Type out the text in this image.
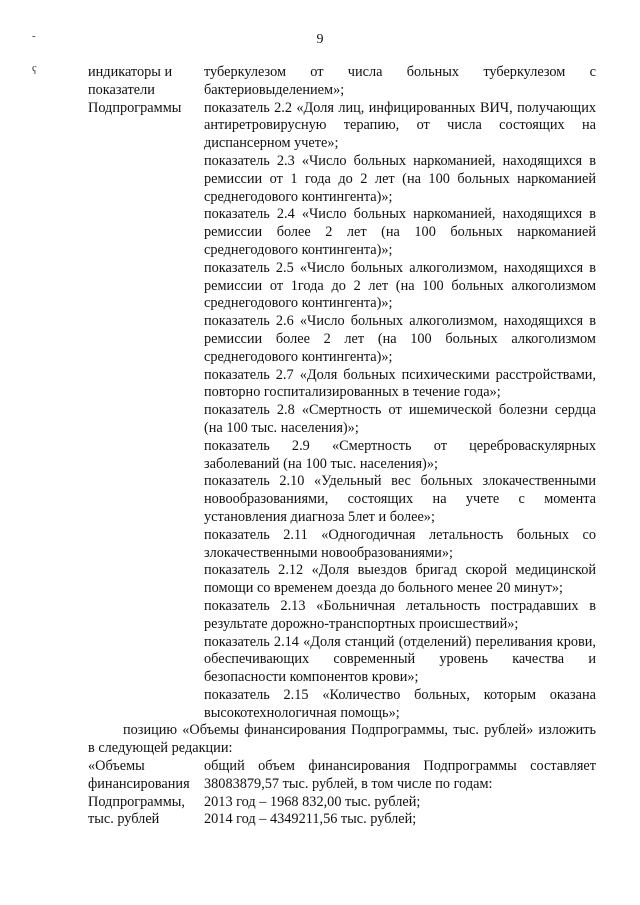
9
-
ҁ	индикаторы и

показатели

Подпрограммы

туберкулезом от числа больных туберкулезом с бактериовыделением»;

показатель 2.2 «Доля лиц, инфицированных ВИЧ, получающих антиретровирусную терапию, от числа состоящих на диспансерном учете»;

показатель 2.3 «Число больных наркоманией, находящихся в ремиссии от 1 года до 2 лет (на 100 больных наркоманией среднегодового контингента)»;

показатель 2.4 «Число больных наркоманией, находящихся в ремиссии более 2 лет (на 100 больных наркоманией среднегодового контингента)»;

показатель 2.5 «Число больных алкоголизмом, находящихся в ремиссии от 1года до 2 лет (на 100 больных алкоголизмом среднегодового контингента)»;

показатель 2.6 «Число больных алкоголизмом, находящихся в ремиссии более 2 лет (на 100 больных алкоголизмом среднегодового контингента)»;

показатель 2.7 «Доля больных психическими расстройствами, повторно госпитализированных в течение года»;

показатель 2.8 «Смертность от ишемической болезни сердца (на 100 тыс. населения)»;

показатель 2.9 «Смертность от цереброваскулярных заболеваний (на 100 тыс. населения)»;

показатель 2.10 «Удельный вес больных злокачественными новообразованиями, состоящих на учете с момента установления диагноза 5лет и более»;

показатель 2.11 «Одногодичная летальность больных со злокачественными новообразованиями»;

показатель 2.12 «Доля выездов бригад скорой медицинской помощи со временем доезда до больного менее 20 минут»;

показатель 2.13 «Больничная летальность пострадавших в результате дорожно-транспортных происшествий»;

показатель 2.14 «Доля станций (отделений) переливания крови, обеспечивающих современный уровень качества и безопасности компонентов крови»;

показатель 2.15 «Количество больных, которым оказана высокотехнологичная помощь»;

позицию «Объемы финансирования Подпрограммы, тыс. рублей» изложить в следующей редакции:

«Объемы

финансирования

Подпрограммы,

тыс. рублей

общий объем финансирования Подпрограммы составляет 38083879,57 тыс. рублей, в том числе по годам:

2013 год – 1968 832,00 тыс. рублей;

2014 год – 4349211,56 тыс. рублей;
